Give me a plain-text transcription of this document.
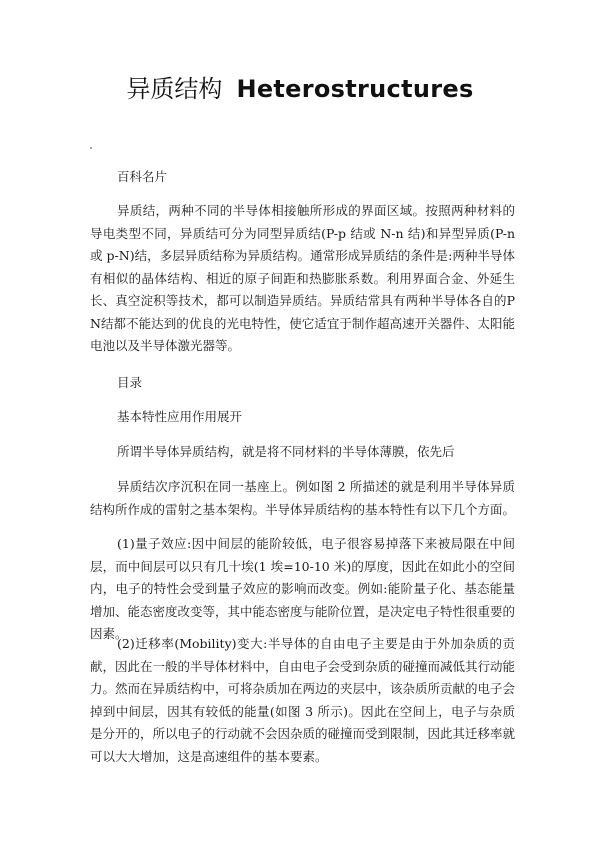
异质结构 Heterostructures

百科名片

异质结，两种不同的半导体相接触所形成的界面区域。按照两种材料的导电类型不同，异质结可分为同型异质结(P-p 结或 N-n 结)和异型异质(P-n 或 p-N)结，多层异质结称为异质结构。通常形成异质结的条件是:两种半导体有相似的晶体结构、相近的原子间距和热膨胀系数。利用界面合金、外延生长、真空淀积等技术，都可以制造异质结。异质结常具有两种半导体各自的PN结都不能达到的优良的光电特性，使它适宜于制作超高速开关器件、太阳能电池以及半导体激光器等。

目录

基本特性应用作用展开

所谓半导体异质结构，就是将不同材料的半导体薄膜，依先后

异质结次序沉积在同一基座上。例如图 2 所描述的就是利用半导体异质结构所作成的雷射之基本架构。半导体异质结构的基本特性有以下几个方面。

(1)量子效应:因中间层的能阶较低，电子很容易掉落下来被局限在中间层，而中间层可以只有几十埃(1 埃=10-10 米)的厚度，因此在如此小的空间内，电子的特性会受到量子效应的影响而改变。例如:能阶量子化、基态能量增加、能态密度改变等，其中能态密度与能阶位置，是决定电子特性很重要的因素。

(2)迁移率(Mobility)变大:半导体的自由电子主要是由于外加杂质的贡献，因此在一般的半导体材料中，自由电子会受到杂质的碰撞而减低其行动能力。然而在异质结构中，可将杂质加在两边的夹层中，该杂质所贡献的电子会掉到中间层，因其有较低的能量(如图 3 所示)。因此在空间上，电子与杂质是分开的，所以电子的行动就不会因杂质的碰撞而受到限制，因此其迁移率就可以大大增加，这是高速组件的基本要素。
